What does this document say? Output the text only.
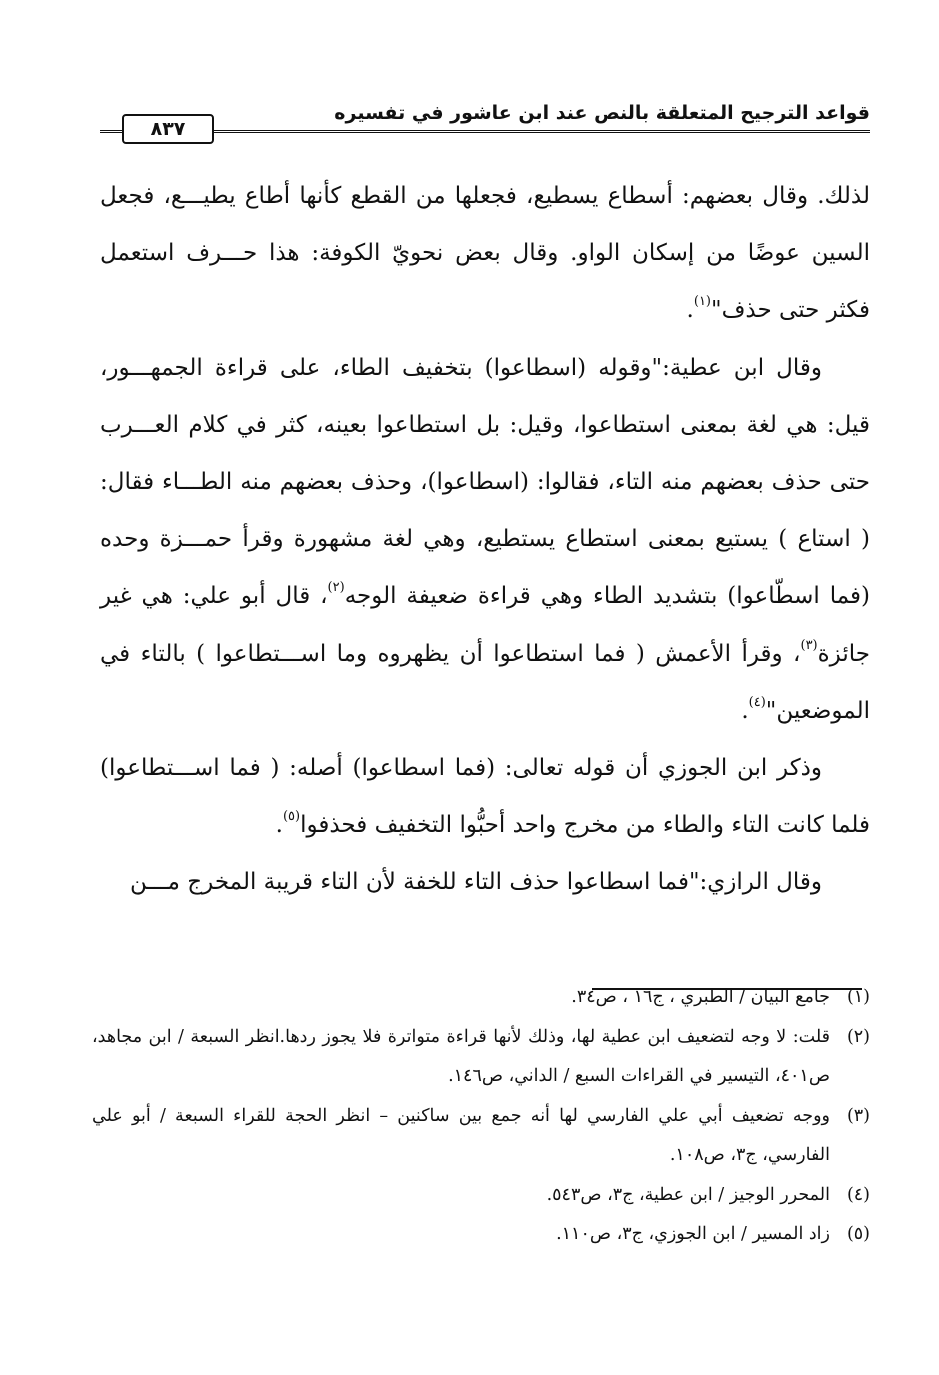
قواعد الترجيح المتعلقة بالنص عند ابن عاشور في تفسيره
٨٣٧

لذلك. وقال بعضهم: أسطاع يسطيع، فجعلها من القطع كأنها أطاع يطيـــع، فجعل السين عوضًا من إسكان الواو. وقال بعض نحويّ الكوفة: هذا حـــرف استعمل فكثر حتى حذف"$^{(١)}$.

وقال ابن عطية:"وقوله (اسطاعوا) بتخفيف الطاء، على قراءة الجمهـــور، قيل: هي لغة بمعنى استطاعوا، وقيل: بل استطاعوا بعينه، كثر في كلام العـــرب حتى حذف بعضهم منه التاء، فقالوا: (اسطاعوا)، وحذف بعضهم منه الطـــاء فقال: ( استاع ) يستيع بمعنى استطاع يستطيع، وهي لغة مشهورة وقرأ حمـــزة وحده (فما اسطّاعوا) بتشديد الطاء وهي قراءة ضعيفة الوجه$^{(٢)}$، قال أبو علي: هي غير جائزة$^{(٣)}$، وقرأ الأعمش ( فما استطاعوا أن يظهروه وما اســـتطاعوا ) بالتاء في الموضعين"$^{(٤)}$.

وذكر ابن الجوزي أن قوله تعالى: (فما اسطاعوا) أصله: ( فما اســـتطاعوا) فلما كانت التاء والطاء من مخرج واحد أحبُّوا التخفيف فحذفوا$^{(٥)}$.

وقال الرازي:"فما اسطاعوا حذف التاء للخفة لأن التاء قريبة المخرج مـــن

(١)
جامع البيان / الطبري ، ج١٦ ، ص٣٤.

(٢)
قلت: لا وجه لتضعيف ابن عطية لها، وذلك لأنها قراءة متواترة فلا يجوز ردها.انظر السبعة / ابن مجاهد، ص٤٠١، التيسير في القراءات السبع / الداني، ص١٤٦.

(٣)
ووجه تضعيف أبي علي الفارسي لها أنه جمع بين ساكنين – انظر الحجة للقراء السبعة / أبو علي الفارسي، ج٣، ص١٠٨.

(٤)
المحرر الوجيز / ابن عطية، ج٣، ص٥٤٣.

(٥)
زاد المسير / ابن الجوزي، ج٣، ص١١٠.
